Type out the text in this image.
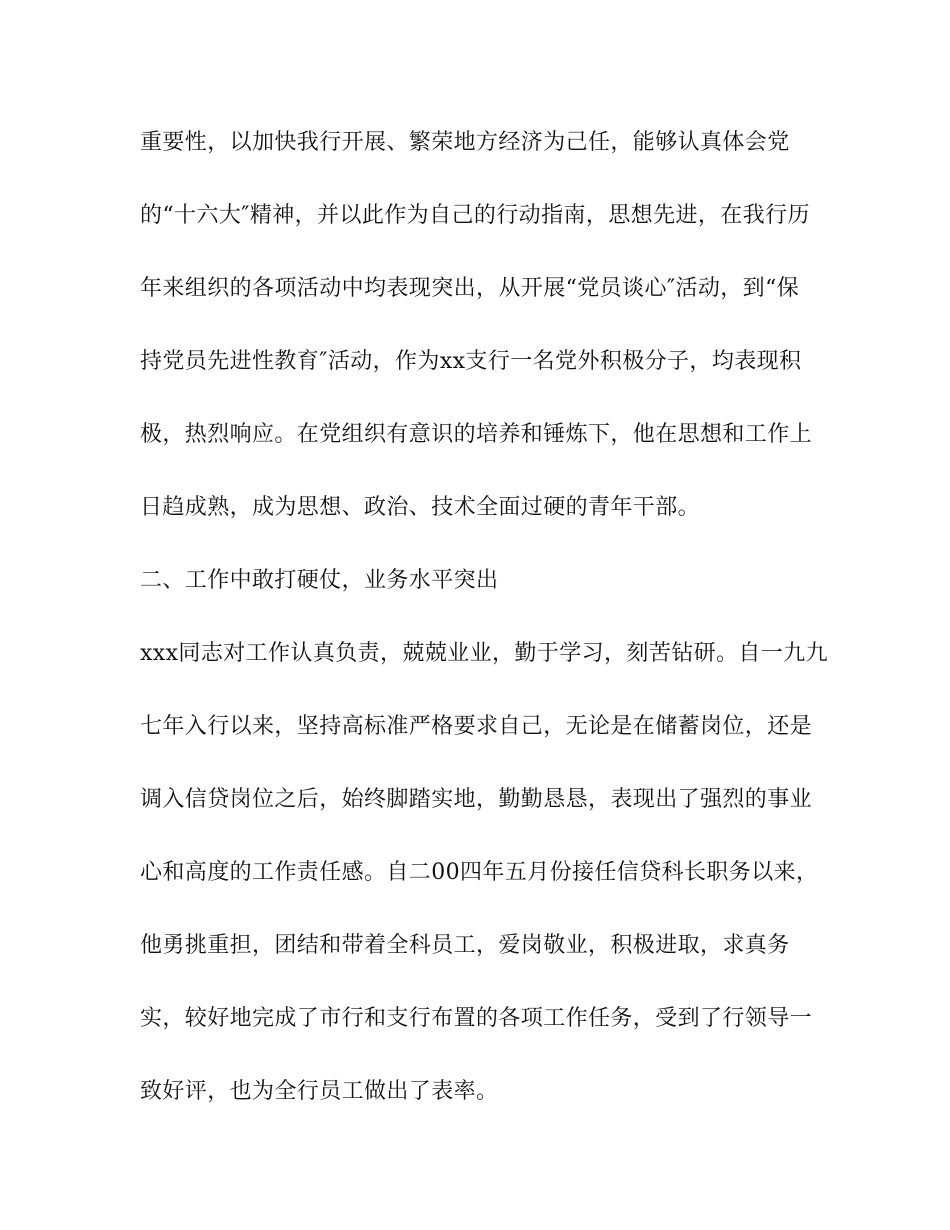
重要性，以加快我行开展、繁荣地方经济为己任，能够认真体会党
的“十六大″精神，并以此作为自己的行动指南，思想先进，在我行历
年来组织的各项活动中均表现突出，从开展“党员谈心″活动，到“保
持党员先进性教育″活动，作为xx支行一名党外积极分子，均表现积
极，热烈响应。在党组织有意识的培养和锤炼下，他在思想和工作上
日趋成熟，成为思想、政治、技术全面过硬的青年干部。
二、工作中敢打硬仗，业务水平突出
xxx同志对工作认真负责，兢兢业业，勤于学习，刻苦钻研。自一九九
七年入行以来，坚持高标准严格要求自己，无论是在储蓄岗位，还是
调入信贷岗位之后，始终脚踏实地，勤勤恳恳，表现出了强烈的事业
心和高度的工作责任感。自二00四年五月份接任信贷科长职务以来，
他勇挑重担，团结和带着全科员工，爱岗敬业，积极进取，求真务
实，较好地完成了市行和支行布置的各项工作任务，受到了行领导一
致好评，也为全行员工做出了表率。
